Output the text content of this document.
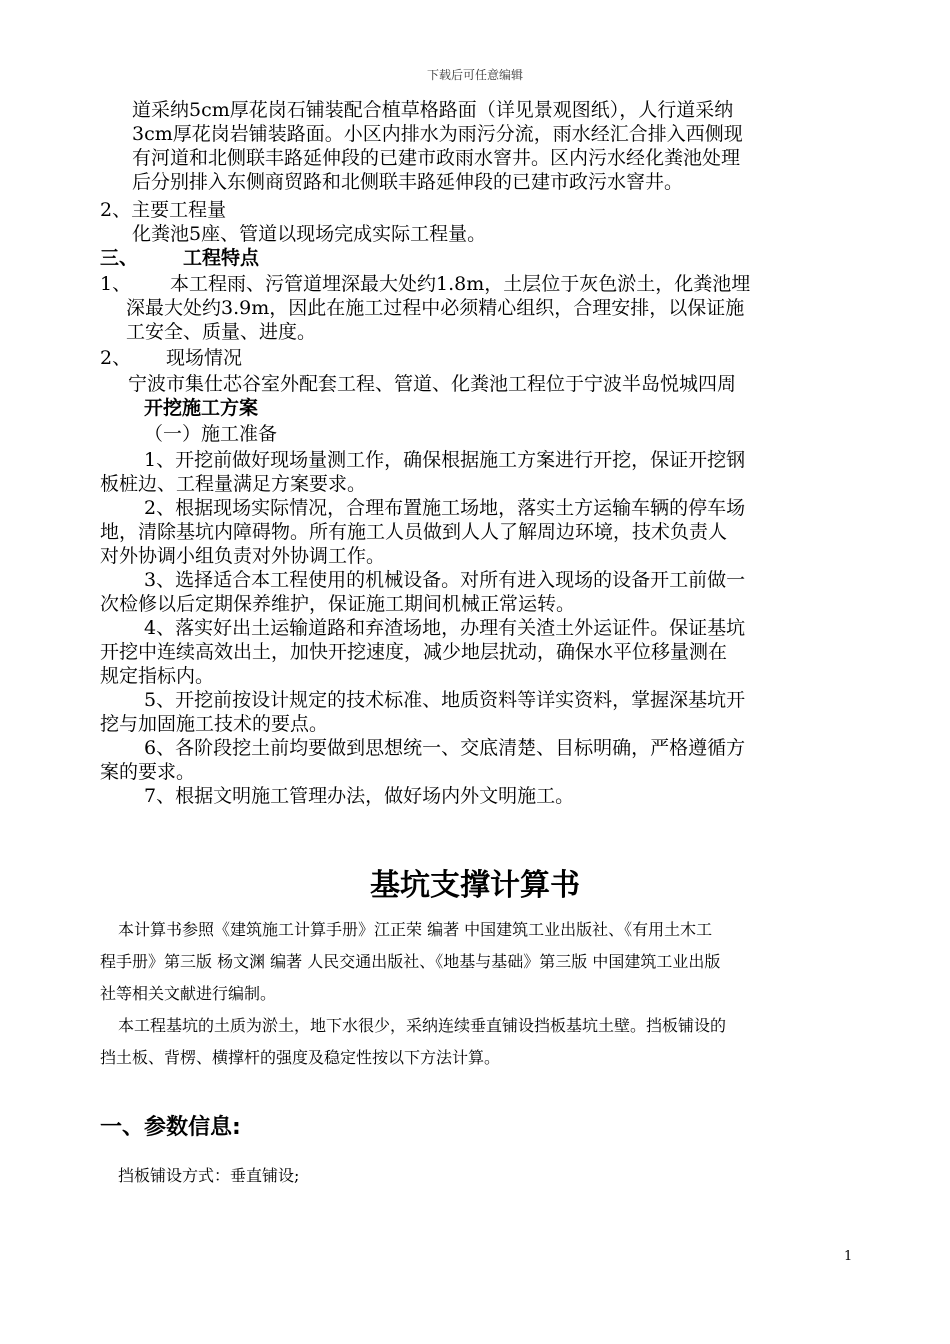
下载后可任意编辑
道采纳5cm厚花岗石铺装配合植草格路面（详见景观图纸），人行道采纳
3cm厚花岗岩铺装路面。小区内排水为雨污分流，雨水经汇合排入西侧现
有河道和北侧联丰路延伸段的已建市政雨水窨井。区内污水经化粪池处理
后分别排入东侧商贸路和北侧联丰路延伸段的已建市政污水窨井。
2、主要工程量
化粪池5座、管道以现场完成实际工程量。
三、 工程特点
1、 本工程雨、污管道埋深最大处约1.8m，土层位于灰色淤土，化粪池埋
深最大处约3.9m，因此在施工过程中必须精心组织，合理安排，以保证施
工安全、质量、进度。
2、 现场情况
宁波市集仕芯谷室外配套工程、管道、化粪池工程位于宁波半岛悦城四周
开挖施工方案
（一）施工准备
1、开挖前做好现场量测工作，确保根据施工方案进行开挖，保证开挖钢
板桩边、工程量满足方案要求。
2、根据现场实际情况，合理布置施工场地，落实土方运输车辆的停车场
地，清除基坑内障碍物。所有施工人员做到人人了解周边环境，技术负责人
对外协调小组负责对外协调工作。
3、选择适合本工程使用的机械设备。对所有进入现场的设备开工前做一
次检修以后定期保养维护，保证施工期间机械正常运转。
4、落实好出土运输道路和弃渣场地，办理有关渣土外运证件。保证基坑
开挖中连续高效出土，加快开挖速度，减少地层扰动，确保水平位移量测在
规定指标内。
5、开挖前按设计规定的技术标准、地质资料等详实资料，掌握深基坑开
挖与加固施工技术的要点。
6、各阶段挖土前均要做到思想统一、交底清楚、目标明确，严格遵循方
案的要求。
7、根据文明施工管理办法，做好场内外文明施工。
基坑支撑计算书
本计算书参照《建筑施工计算手册》江正荣 编著 中国建筑工业出版社、《有用土木工
程手册》第三版 杨文渊 编著 人民交通出版社、《地基与基础》第三版 中国建筑工业出版
社等相关文献进行编制。
本工程基坑的土质为淤土，地下水很少，采纳连续垂直铺设挡板基坑土壁。挡板铺设的
挡土板、背楞、横撑杆的强度及稳定性按以下方法计算。
一、参数信息:
挡板铺设方式：垂直铺设;
1
